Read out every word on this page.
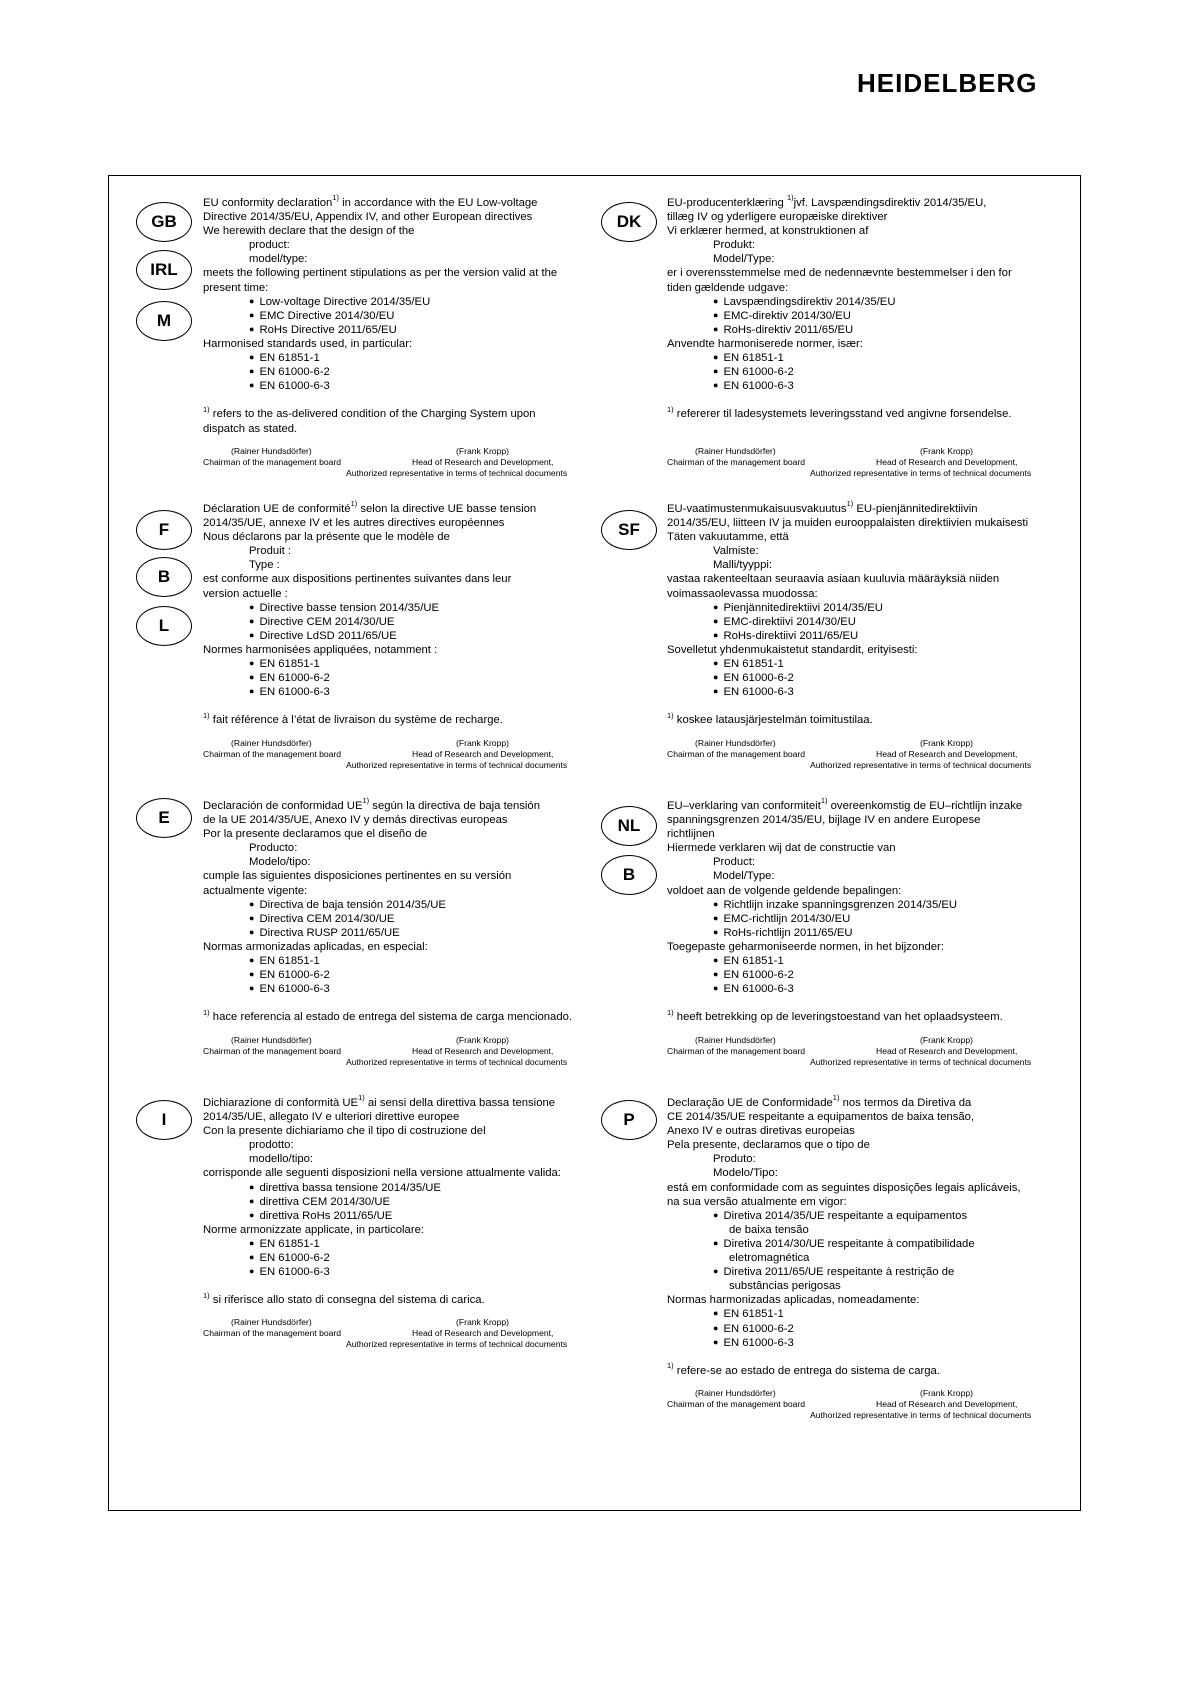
HEIDELBERG
GB
IRL
M
DK
F
B
L
SF
E	NL
B
I	P
EU conformity declaration$^{1)}$ in accordance with the EU Low-voltage
Directive 2014/35/EU, Appendix IV, and other European directives
We herewith declare that the design of the
product:
model/type:
meets the following pertinent stipulations as per the version valid at the
present time:
● Low-voltage Directive 2014/35/EU
● EMC Directive 2014/30/EU
● RoHs Directive 2011/65/EU
Harmonised standards used, in particular:
● EN 61851-1
● EN 61000-6-2
● EN 61000-6-3
$^{1)}$ refers to the as-delivered condition of the Charging System upon
dispatch as stated.
(Rainer Hundsdörfer)
Chairman of the management board
(Frank Kropp)
Head of Research and Development,
Authorized representative in terms of technical documents
EU-producenterklæring $^{1)}$jvf. Lavspændingsdirektiv 2014/35/EU,
tillæg IV og yderligere europæiske direktiver
Vi erklærer hermed, at konstruktionen af
Produkt:
Model/Type:
er i overensstemmelse med de nedennævnte bestemmelser i den for
tiden gældende udgave:
● Lavspændingsdirektiv 2014/35/EU
● EMC-direktiv 2014/30/EU
● RoHs-direktiv 2011/65/EU
Anvendte harmoniserede normer, især:
● EN 61851-1
● EN 61000-6-2
● EN 61000-6-3
$^{1)}$ refererer til ladesystemets leveringsstand ved angivne forsendelse.
(Rainer Hundsdörfer)
Chairman of the management board
(Frank Kropp)
Head of Research and Development,
Authorized representative in terms of technical documents
Déclaration UE de conformité$^{1)}$ selon la directive UE basse tension
2014/35/UE, annexe IV et les autres directives européennes
Nous déclarons par la présente que le modèle de
Produit :
Type :
est conforme aux dispositions pertinentes suivantes dans leur
version actuelle :
● Directive basse tension 2014/35/UE
● Directive CEM 2014/30/UE
● Directive LdSD 2011/65/UE
Normes harmonisées appliquées, notamment :
● EN 61851-1
● EN 61000-6-2
● EN 61000-6-3
$^{1)}$ fait référence à l’état de livraison du système de recharge.
(Rainer Hundsdörfer)
Chairman of the management board
(Frank Kropp)
Head of Research and Development,
Authorized representative in terms of technical documents
EU-vaatimustenmukaisuusvakuutus$^{1)}$ EU-pienjännitedirektiivin
2014/35/EU, liitteen IV ja muiden eurooppalaisten direktiivien mukaisesti
Täten vakuutamme, että
Valmiste:
Malli/tyyppi:
vastaa rakenteeltaan seuraavia asiaan kuuluvia määräyksiä niiden
voimassaolevassa muodossa:
● Pienjännitedirektiivi 2014/35/EU
● EMC-direktiivi 2014/30/EU
● RoHs-direktiivi 2011/65/EU
Sovelletut yhdenmukaistetut standardit, erityisesti:
● EN 61851-1
● EN 61000-6-2
● EN 61000-6-3
$^{1)}$ koskee latausjärjestelmän toimitustilaa.
(Rainer Hundsdörfer)
Chairman of the management board
(Frank Kropp)
Head of Research and Development,
Authorized representative in terms of technical documents
Declaración de conformidad UE$^{1)}$ según la directiva de baja tensión
de la UE 2014/35/UE, Anexo IV y demás directivas europeas
Por la presente declaramos que el diseño de
Producto:
Modelo/tipo:
cumple las siguientes disposiciones pertinentes en su versión
actualmente vigente:
● Directiva de baja tensión 2014/35/UE
● Directiva CEM 2014/30/UE
● Directiva RUSP 2011/65/UE
Normas armonizadas aplicadas, en especial:
● EN 61851-1
● EN 61000-6-2
● EN 61000-6-3
$^{1)}$ hace referencia al estado de entrega del sistema de carga mencionado.
(Rainer Hundsdörfer)
Chairman of the management board
(Frank Kropp)
Head of Research and Development,
Authorized representative in terms of technical documents
EU–verklaring van conformiteit$^{1)}$ overeenkomstig de EU–richtlijn inzake
spanningsgrenzen 2014/35/EU, bijlage IV en andere Europese
richtlijnen
Hiermede verklaren wij dat de constructie van
Product:
Model/Type:
voldoet aan de volgende geldende bepalingen:
● Richtlijn inzake spanningsgrenzen 2014/35/EU
● EMC-richtlijn 2014/30/EU
● RoHs-richtlijn 2011/65/EU
Toegepaste geharmoniseerde normen, in het bijzonder:
● EN 61851-1
● EN 61000-6-2
● EN 61000-6-3
$^{1)}$ heeft betrekking op de leveringstoestand van het oplaadsysteem.
(Rainer Hundsdörfer)
Chairman of the management board
(Frank Kropp)
Head of Research and Development,
Authorized representative in terms of technical documents
Dichiarazione di conformità UE$^{1)}$ ai sensi della direttiva bassa tensione
2014/35/UE, allegato IV e ulteriori direttive europee
Con la presente dichiariamo che il tipo di costruzione del
prodotto:
modello/tipo:
corrisponde alle seguenti disposizioni nella versione attualmente valida:
● direttiva bassa tensione 2014/35/UE
● direttiva CEM 2014/30/UE
● direttiva RoHs 2011/65/UE
Norme armonizzate applicate, in particolare:
● EN 61851-1
● EN 61000-6-2
● EN 61000-6-3
$^{1)}$ si riferisce allo stato di consegna del sistema di carica.
(Rainer Hundsdörfer)
Chairman of the management board
(Frank Kropp)
Head of Research and Development,
Authorized representative in terms of technical documents
Declaração UE de Conformidade$^{1)}$ nos termos da Diretiva da
CE 2014/35/UE respeitante a equipamentos de baixa tensão,
Anexo IV e outras diretivas europeias
Pela presente, declaramos que o tipo de
Produto:
Modelo/Tipo:
está em conformidade com as seguintes disposições legais aplicáveis,
na sua versão atualmente em vigor:
● Diretiva 2014/35/UE respeitante a equipamentos
de baixa tensão
● Diretiva 2014/30/UE respeitante à compatibilidade
eletromagnética
● Diretiva 2011/65/UE respeitante à restrição de
substâncias perigosas
Normas harmonizadas aplicadas, nomeadamente:
● EN 61851-1
● EN 61000-6-2
● EN 61000-6-3
$^{1)}$ refere-se ao estado de entrega do sistema de carga.
(Rainer Hundsdörfer)
Chairman of the management board
(Frank Kropp)
Head of Research and Development,
Authorized representative in terms of technical documents
